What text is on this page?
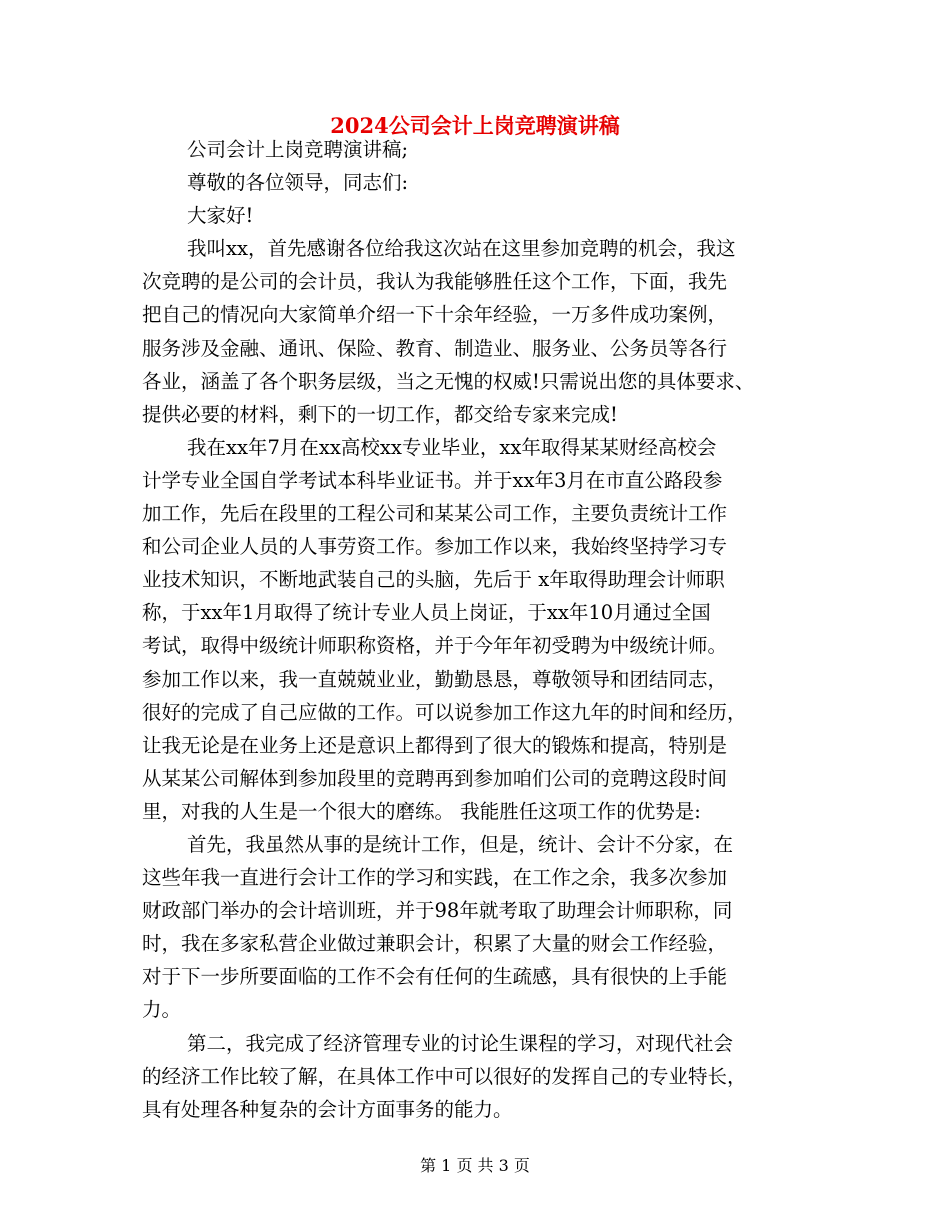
2024公司会计上岗竞聘演讲稿
公司会计上岗竞聘演讲稿;
尊敬的各位领导，同志们:
大家好!
我叫xx，首先感谢各位给我这次站在这里参加竞聘的机会，我这
次竞聘的是公司的会计员，我认为我能够胜任这个工作，下面，我先
把自己的情况向大家简单介绍一下十余年经验，一万多件成功案例，
服务涉及金融、通讯、保险、教育、制造业、服务业、公务员等各行
各业，涵盖了各个职务层级，当之无愧的权威!只需说出您的具体要求、
提供必要的材料，剩下的一切工作，都交给专家来完成!
我在xx年7月在xx高校xx专业毕业，xx年取得某某财经高校会
计学专业全国自学考试本科毕业证书。并于xx年3月在市直公路段参
加工作，先后在段里的工程公司和某某公司工作，主要负责统计工作
和公司企业人员的人事劳资工作。参加工作以来，我始终坚持学习专
业技术知识，不断地武装自己的头脑，先后于 x年取得助理会计师职
称，于xx年1月取得了统计专业人员上岗证，于xx年10月通过全国
考试，取得中级统计师职称资格，并于今年年初受聘为中级统计师。
参加工作以来，我一直兢兢业业，勤勤恳恳，尊敬领导和团结同志，
很好的完成了自己应做的工作。可以说参加工作这九年的时间和经历，
让我无论是在业务上还是意识上都得到了很大的锻炼和提高，特别是
从某某公司解体到参加段里的竞聘再到参加咱们公司的竞聘这段时间
里，对我的人生是一个很大的磨练。 我能胜任这项工作的优势是:
首先，我虽然从事的是统计工作，但是，统计、会计不分家，在
这些年我一直进行会计工作的学习和实践，在工作之余，我多次参加
财政部门举办的会计培训班，并于98年就考取了助理会计师职称，同
时，我在多家私营企业做过兼职会计，积累了大量的财会工作经验，
对于下一步所要面临的工作不会有任何的生疏感，具有很快的上手能
力。
第二，我完成了经济管理专业的讨论生课程的学习，对现代社会
的经济工作比较了解，在具体工作中可以很好的发挥自己的专业特长，
具有处理各种复杂的会计方面事务的能力。
第 1 页 共 3 页
